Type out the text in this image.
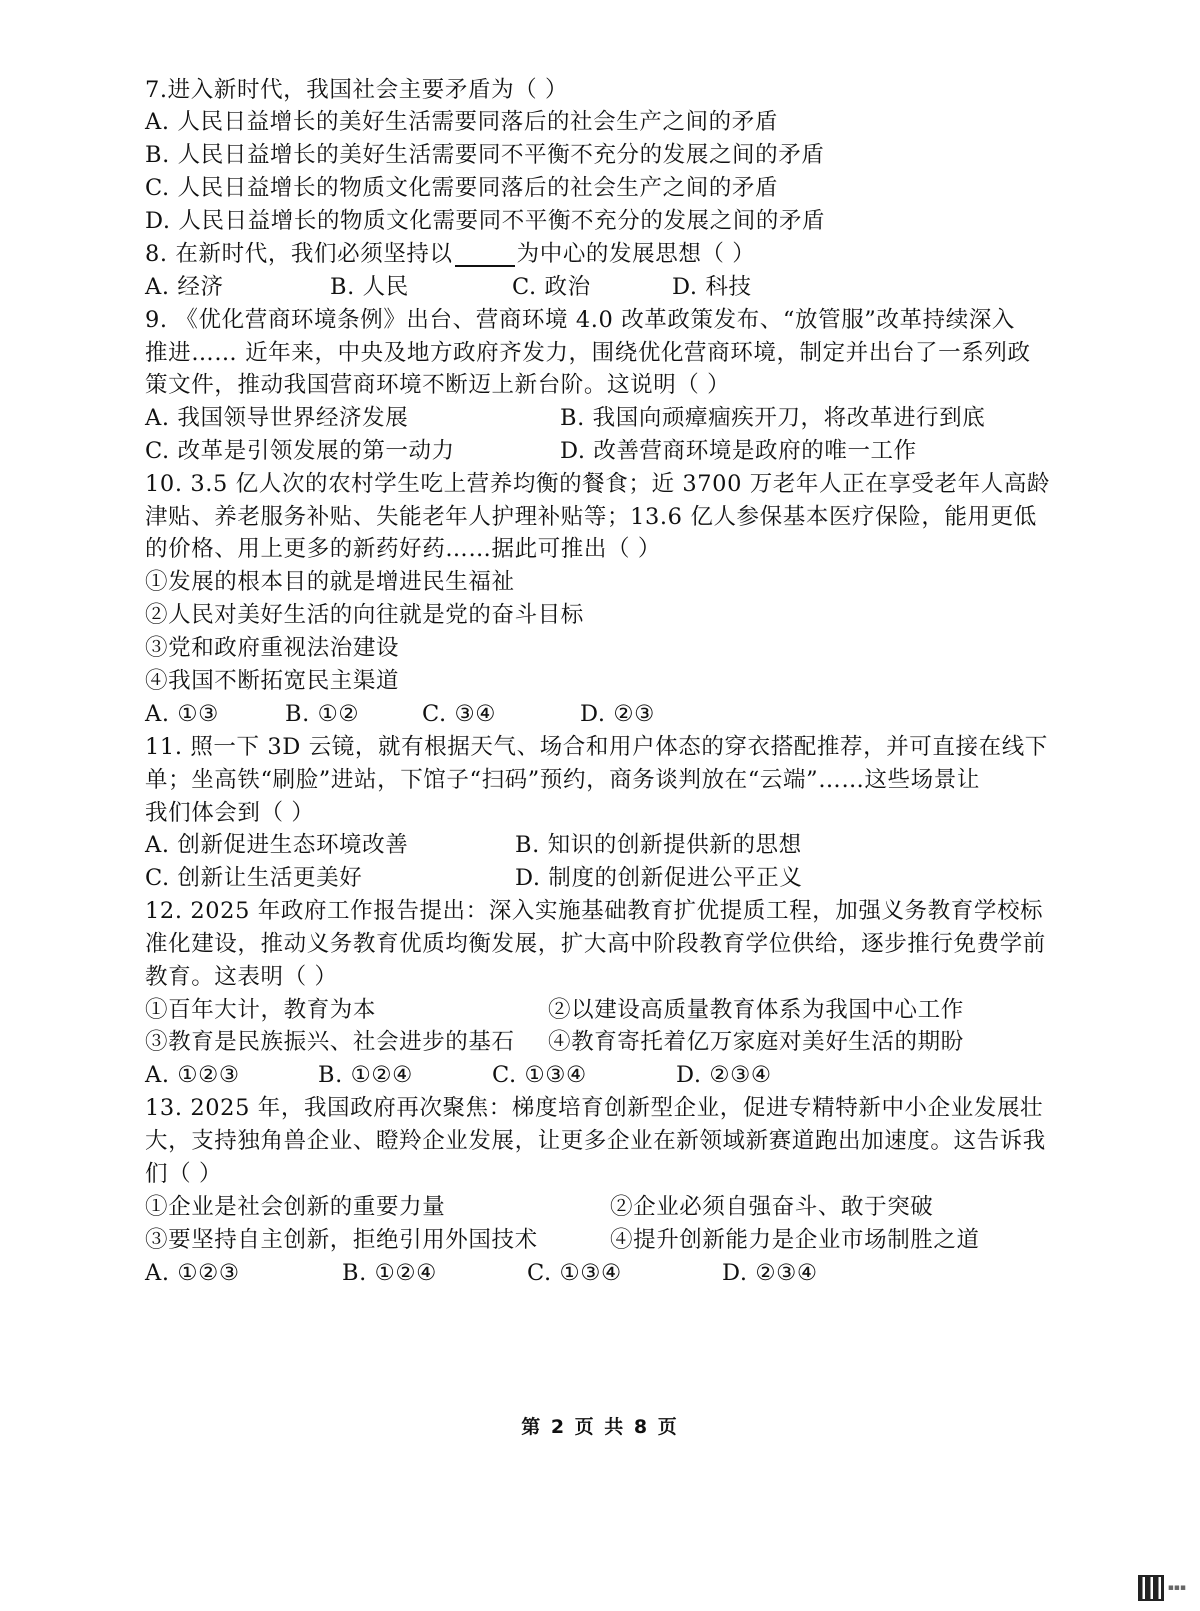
7.进入新时代，我国社会主要矛盾为（ ）
A. 人民日益增长的美好生活需要同落后的社会生产之间的矛盾
B. 人民日益增长的美好生活需要同不平衡不充分的发展之间的矛盾
C. 人民日益增长的物质文化需要同落后的社会生产之间的矛盾
D. 人民日益增长的物质文化需要同不平衡不充分的发展之间的矛盾
8. 在新时代，我们必须坚持以	为中心的发展思想（ ）
A. 经济	B. 人民	C. 政治	D. 科技
9. 《优化营商环境条例》出台、营商环境 4.0 改革政策发布、“放管服”改革持续深入
推进…… 近年来，中央及地方政府齐发力，围绕优化营商环境，制定并出台了一系列政
策文件，推动我国营商环境不断迈上新台阶。这说明（ ）
A. 我国领导世界经济发展	B. 我国向顽瘴痼疾开刀，将改革进行到底
C. 改革是引领发展的第一动力	D. 改善营商环境是政府的唯一工作
10. 3.5 亿人次的农村学生吃上营养均衡的餐食；近 3700 万老年人正在享受老年人高龄
津贴、养老服务补贴、失能老年人护理补贴等；13.6 亿人参保基本医疗保险，能用更低
的价格、用上更多的新药好药……据此可推出（ ）
①发展的根本目的就是增进民生福祉
②人民对美好生活的向往就是党的奋斗目标
③党和政府重视法治建设
④我国不断拓宽民主渠道
A. ①③	B. ①②	C. ③④	D. ②③
11. 照一下 3D 云镜，就有根据天气、场合和用户体态的穿衣搭配推荐，并可直接在线下
单；坐高铁“刷脸”进站，下馆子“扫码”预约，商务谈判放在“云端”……这些场景让
我们体会到（ ）
A. 创新促进生态环境改善	B. 知识的创新提供新的思想
C. 创新让生活更美好	D. 制度的创新促进公平正义
12. 2025 年政府工作报告提出：深入实施基础教育扩优提质工程，加强义务教育学校标
准化建设，推动义务教育优质均衡发展，扩大高中阶段教育学位供给，逐步推行免费学前
教育。这表明（ ）
①百年大计，教育为本	②以建设高质量教育体系为我国中心工作
③教育是民族振兴、社会进步的基石 ④教育寄托着亿万家庭对美好生活的期盼
A. ①②③	B. ①②④	C. ①③④	D. ②③④
13. 2025 年，我国政府再次聚焦：梯度培育创新型企业，促进专精特新中小企业发展壮
大，支持独角兽企业、瞪羚企业发展，让更多企业在新领域新赛道跑出加速度。这告诉我
们（ ）
①企业是社会创新的重要力量	②企业必须自强奋斗、敢于突破
③要坚持自主创新，拒绝引用外国技术	④提升创新能力是企业市场制胜之道
A. ①②③	B. ①②④	C. ①③④	D. ②③④
第 2 页 共 8 页
▪▪▪
